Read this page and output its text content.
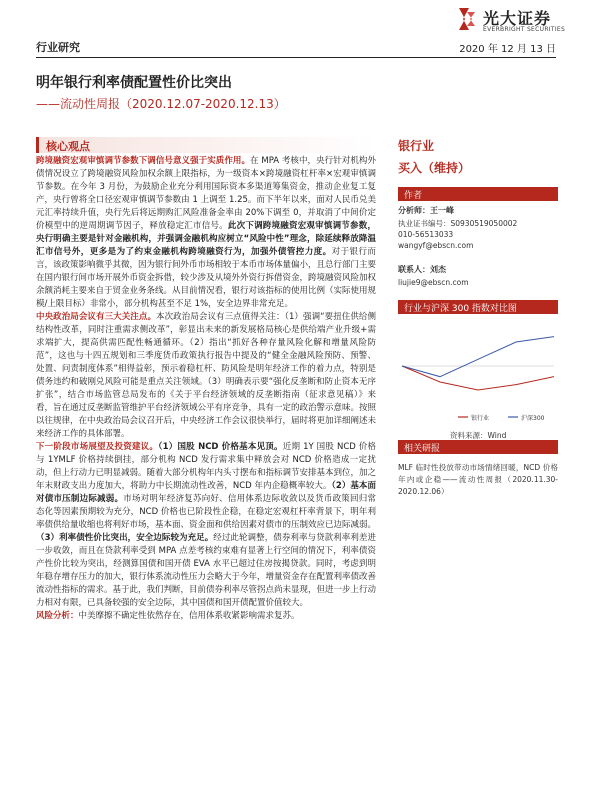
光大证券
EVERBRIGHT SECURITIES
行业研究	2020 年 12 月 13 日
明年银行利率债配置性价比突出
——流动性周报（2020.12.07-2020.12.13）
核心观点

跨境融资宏观审慎调节参数下调信号意义强于实质作用。在 MPA 考核中，央行针对机构外债情况设立了跨境融资风险加权余额上限指标，为一级资本×跨境融资杠杆率×宏观审慎调节参数。在今年 3 月份，为鼓励企业充分利用国际资本多渠道筹集资金，推动企业复工复产，央行曾将全口径宏观审慎调节参数由 1 上调至 1.25。而下半年以来，面对人民币兑美元汇率持续升值，央行先后将远期购汇风险准备金率由 20%下调至 0，并取消了中间价定价模型中的逆周期调节因子，释放稳定汇市信号。此次下调跨境融资宏观审慎调节参数，央行明确主要是针对金融机构，并强调金融机构应树立“风险中性”理念，除延续释放降温汇市信号外，更多是为了约束金融机构跨境融资行为，加强外债管控力度。对于银行而言，该政策影响微乎其微，因为银行间外币市场相较于本币市场体量偏小，且总行部门主要在国内银行间市场开展外币资金拆借，较少涉及从境外外资行拆借资金，跨境融资风险加权余额消耗主要来自于贸金业务条线。从目前情况看，银行对该指标的使用比例（实际使用规模/上限目标）非常小，部分机构甚至不足 1%，安全边界非常充足。

中央政治局会议有三大关注点。本次政治局会议有三点值得关注：（1）强调“要扭住供给侧结构性改革，同时注重需求侧改革”，彰显出未来的新发展格局核心是供给端产业升级+需求端扩大，提高供需匹配性畅通循环。（2）指出“抓好各种存量风险化解和增量风险防范”，这也与十四五规划和三季度货币政策执行报告中提及的“健全金融风险预防、预警、处置、问责制度体系”相得益彰，预示着稳杠杆、防风险是明年经济工作的着力点，特别是债务违约和破刚兑风险可能是重点关注领域。（3）明确表示要“强化反垄断和防止资本无序扩张”，结合市场监管总局发布的《关于平台经济领域的反垄断指南（征求意见稿）》来看，旨在通过反垄断监管维护平台经济领域公平有序竞争，具有一定的政治警示意味。按照以往规律，在中央政治局会议召开后，中央经济工作会议很快举行，届时将更加详细阐述未来经济工作的具体部署。

下一阶段市场展望及投资建议。（1）国股 NCD 价格基本见顶。近期 1Y 国股 NCD 价格与 1YMLF 价格持续倒挂，部分机构 NCD 发行需求集中释放会对 NCD 价格造成一定扰动，但上行动力已明显减弱。随着大部分机构年内头寸摆布和指标调节安排基本到位，加之年末财政支出力度加大，将助力中长期流动性改善，NCD 年内企稳概率较大。（2）基本面对债市压制边际减弱。市场对明年经济复苏向好、信用体系边际收敛以及货币政策回归常态化等因素预期较为充分，NCD 价格也已阶段性企稳，在稳定宏观杠杆率背景下，明年利率债供给量收缩也将利好市场，基本面、资金面和供给因素对债市的压制效应已边际减弱。（3）利率债性价比突出，安全边际较为充足。经过此轮调整，债券利率与贷款利率利差进一步收敛，而且在贷款利率受到 MPA 点差考核约束难有显著上行空间的情况下，利率债资产性价比较为突出，经测算国债和国开债 EVA 水平已超过住房按揭贷款。同时，考虑到明年稳存增存压力的加大，银行体系流动性压力会略大于今年，增量资金存在配置利率债改善流动性指标的需求。基于此，我们判断，目前债券利率尽管拐点尚未显现，但进一步上行动力相对有限，已具备较强的安全边际，其中国债和国开债配置价值较大。

风险分析：中美摩擦不确定性依然存在，信用体系收紧影响需求复苏。

银行业
买入（维持）
作者
分析师：王一峰
执业证书编号：S0930519050002
010-56513033
wangyf@ebscn.com
联系人：刘杰
liujie9@ebscn.com
行业与沪深 300 指数对比图
银行业	沪深300
资料来源：Wind
相关研报
MLF 临时性投放带动市场情绪回暖，NCD 价格年内或企稳——流动性周报（2020.11.30-2020.12.06）
